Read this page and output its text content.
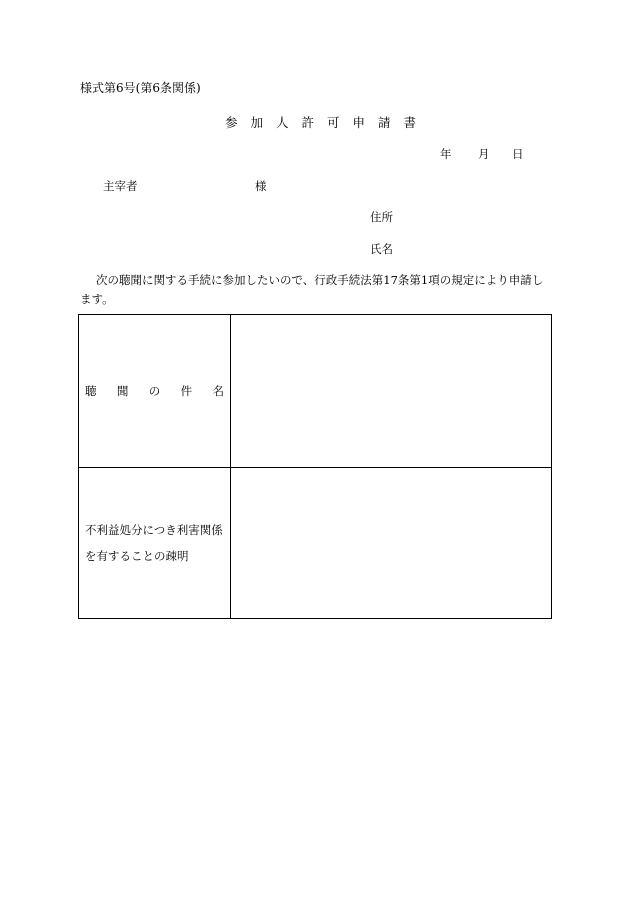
様式第6号(第6条関係)
参加人許可申請書
年 月 日
主宰者	様
住所
氏名
次の聴聞に関する手続に参加したいので、行政手続法第17条第1項の規定により申請します。
聴 聞 の 件 名	

不利益処分につき利害関係
を有することの疎明	
